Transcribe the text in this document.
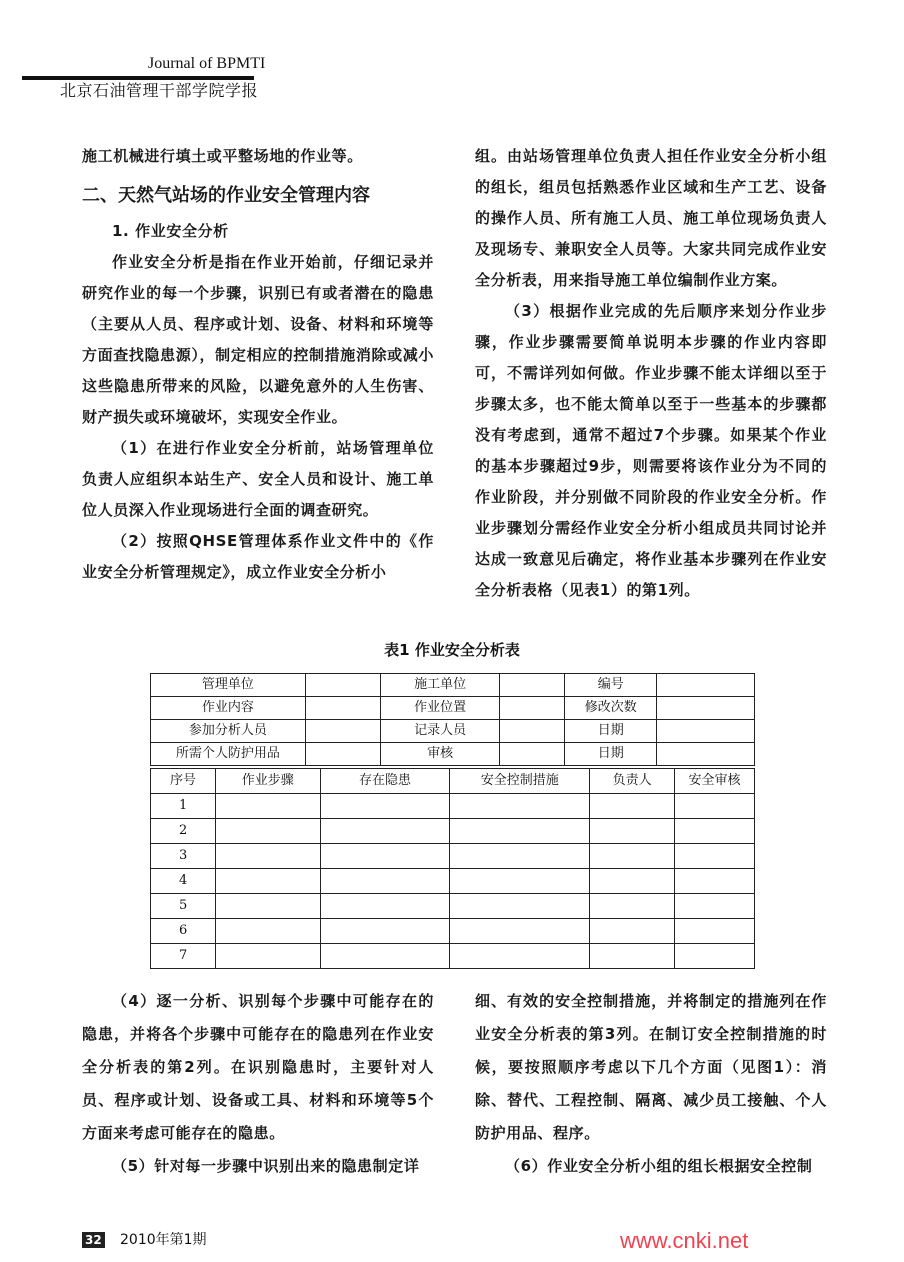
Journal of BPMTI
北京石油管理干部学院学报

施工机械进行填土或平整场地的作业等。

二、天然气站场的作业安全管理内容
1. 作业安全分析

作业安全分析是指在作业开始前，仔细记录并研究作业的每一个步骤，识别已有或者潜在的隐患（主要从人员、程序或计划、设备、材料和环境等方面查找隐患源），制定相应的控制措施消除或减小这些隐患所带来的风险，以避免意外的人生伤害、财产损失或环境破坏，实现安全作业。

（1）在进行作业安全分析前，站场管理单位负责人应组织本站生产、安全人员和设计、施工单位人员深入作业现场进行全面的调查研究。

（2）按照QHSE管理体系作业文件中的《作业安全分析管理规定》，成立作业安全分析小

组。由站场管理单位负责人担任作业安全分析小组的组长，组员包括熟悉作业区域和生产工艺、设备的操作人员、所有施工人员、施工单位现场负责人及现场专、兼职安全人员等。大家共同完成作业安全分析表，用来指导施工单位编制作业方案。

（3）根据作业完成的先后顺序来划分作业步骤，作业步骤需要简单说明本步骤的作业内容即可，不需详列如何做。作业步骤不能太详细以至于步骤太多，也不能太简单以至于一些基本的步骤都没有考虑到，通常不超过7个步骤。如果某个作业的基本步骤超过9步，则需要将该作业分为不同的作业阶段，并分别做不同阶段的作业安全分析。作业步骤划分需经作业安全分析小组成员共同讨论并达成一致意见后确定，将作业基本步骤列在作业安全分析表格（见表1）的第1列。

表1 作业安全分析表
管理单位		施工单位		编号	
作业内容		作业位置		修改次数	
参加分析人员		记录人员		日期	
所需个人防护用品		审核		日期	
序号	作业步骤	存在隐患	安全控制措施	负责人	安全审核
1					
2					
3					
4					
5					
6					
7					

（4）逐一分析、识别每个步骤中可能存在的隐患，并将各个步骤中可能存在的隐患列在作业安全分析表的第2列。在识别隐患时，主要针对人员、程序或计划、设备或工具、材料和环境等5个方面来考虑可能存在的隐患。

（5）针对每一步骤中识别出来的隐患制定详

细、有效的安全控制措施，并将制定的措施列在作业安全分析表的第3列。在制订安全控制措施的时候，要按照顺序考虑以下几个方面（见图1）：消除、替代、工程控制、隔离、减少员工接触、个人防护用品、程序。

（6）作业安全分析小组的组长根据安全控制

www.cnki.net
32 2010年第1期
